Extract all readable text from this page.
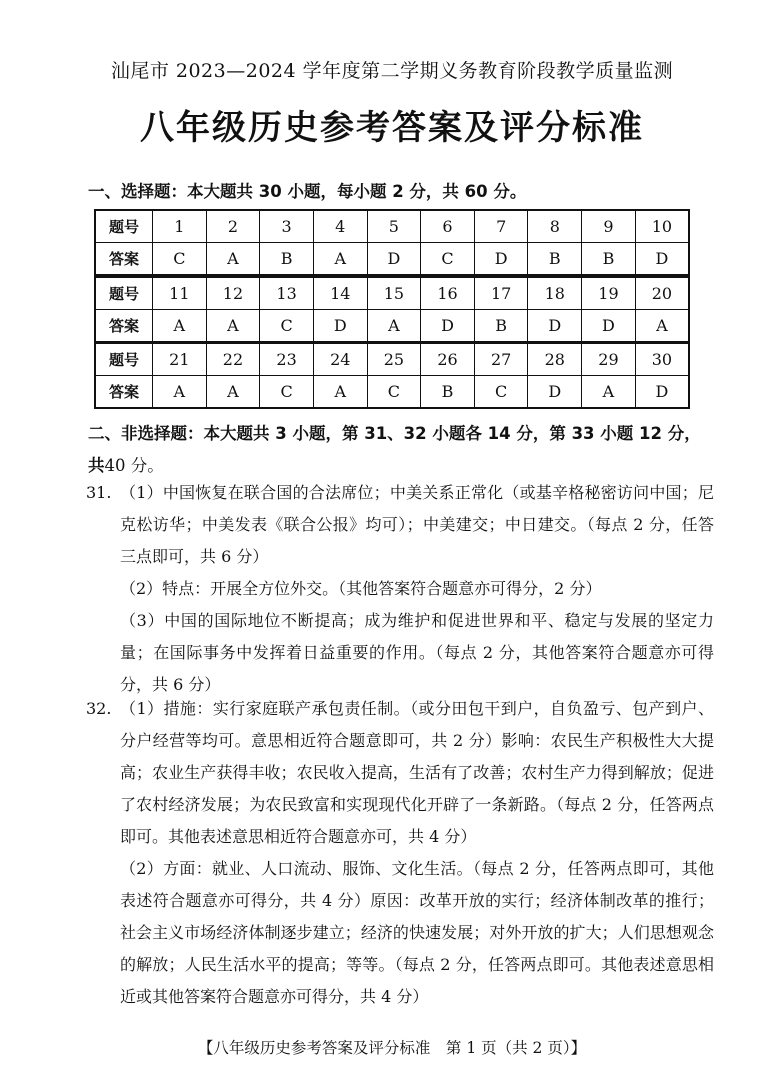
汕尾市 2023—2024 学年度第二学期义务教育阶段教学质量监测
八年级历史参考答案及评分标准
一、选择题：本大题共 30 小题，每小题 2 分，共 60 分。
题号	1	2	3	4	5	6	7	8	9	10
答案	C	A	B	A	D	C	D	B	B	D
题号	11	12	13	14	15	16	17	18	19	20
答案	A	A	C	D	A	D	B	D	D	A
题号	21	22	23	24	25	26	27	28	29	30
答案	A	A	C	A	C	B	C	D	A	D
二、非选择题：本大题共 3 小题，第 31、32 小题各 14 分，第 33 小题 12 分，共40 分。
31. （1）中国恢复在联合国的合法席位；中美关系正常化（或基辛格秘密访问中国；尼克松访华；中美发表《联合公报》均可）；中美建交；中日建交。（每点 2 分，任答三点即可，共 6 分）

（2）特点：开展全方位外交。（其他答案符合题意亦可得分，2 分）

（3）中国的国际地位不断提高；成为维护和促进世界和平、稳定与发展的坚定力量；在国际事务中发挥着日益重要的作用。（每点 2 分，其他答案符合题意亦可得分，共 6 分）

32. （1）措施：实行家庭联产承包责任制。（或分田包干到户，自负盈亏、包产到户、分户经营等均可。意思相近符合题意即可，共 2 分）影响：农民生产积极性大大提高；农业生产获得丰收；农民收入提高，生活有了改善；农村生产力得到解放；促进了农村经济发展；为农民致富和实现现代化开辟了一条新路。（每点 2 分，任答两点即可。其他表述意思相近符合题意亦可，共 4 分）

（2）方面：就业、人口流动、服饰、文化生活。（每点 2 分，任答两点即可，其他表述符合题意亦可得分，共 4 分）原因：改革开放的实行；经济体制改革的推行；社会主义市场经济体制逐步建立；经济的快速发展；对外开放的扩大；人们思想观念的解放；人民生活水平的提高；等等。（每点 2 分，任答两点即可。其他表述意思相近或其他答案符合题意亦可得分，共 4 分）

【八年级历史参考答案及评分标准　第 1 页（共 2 页）】
